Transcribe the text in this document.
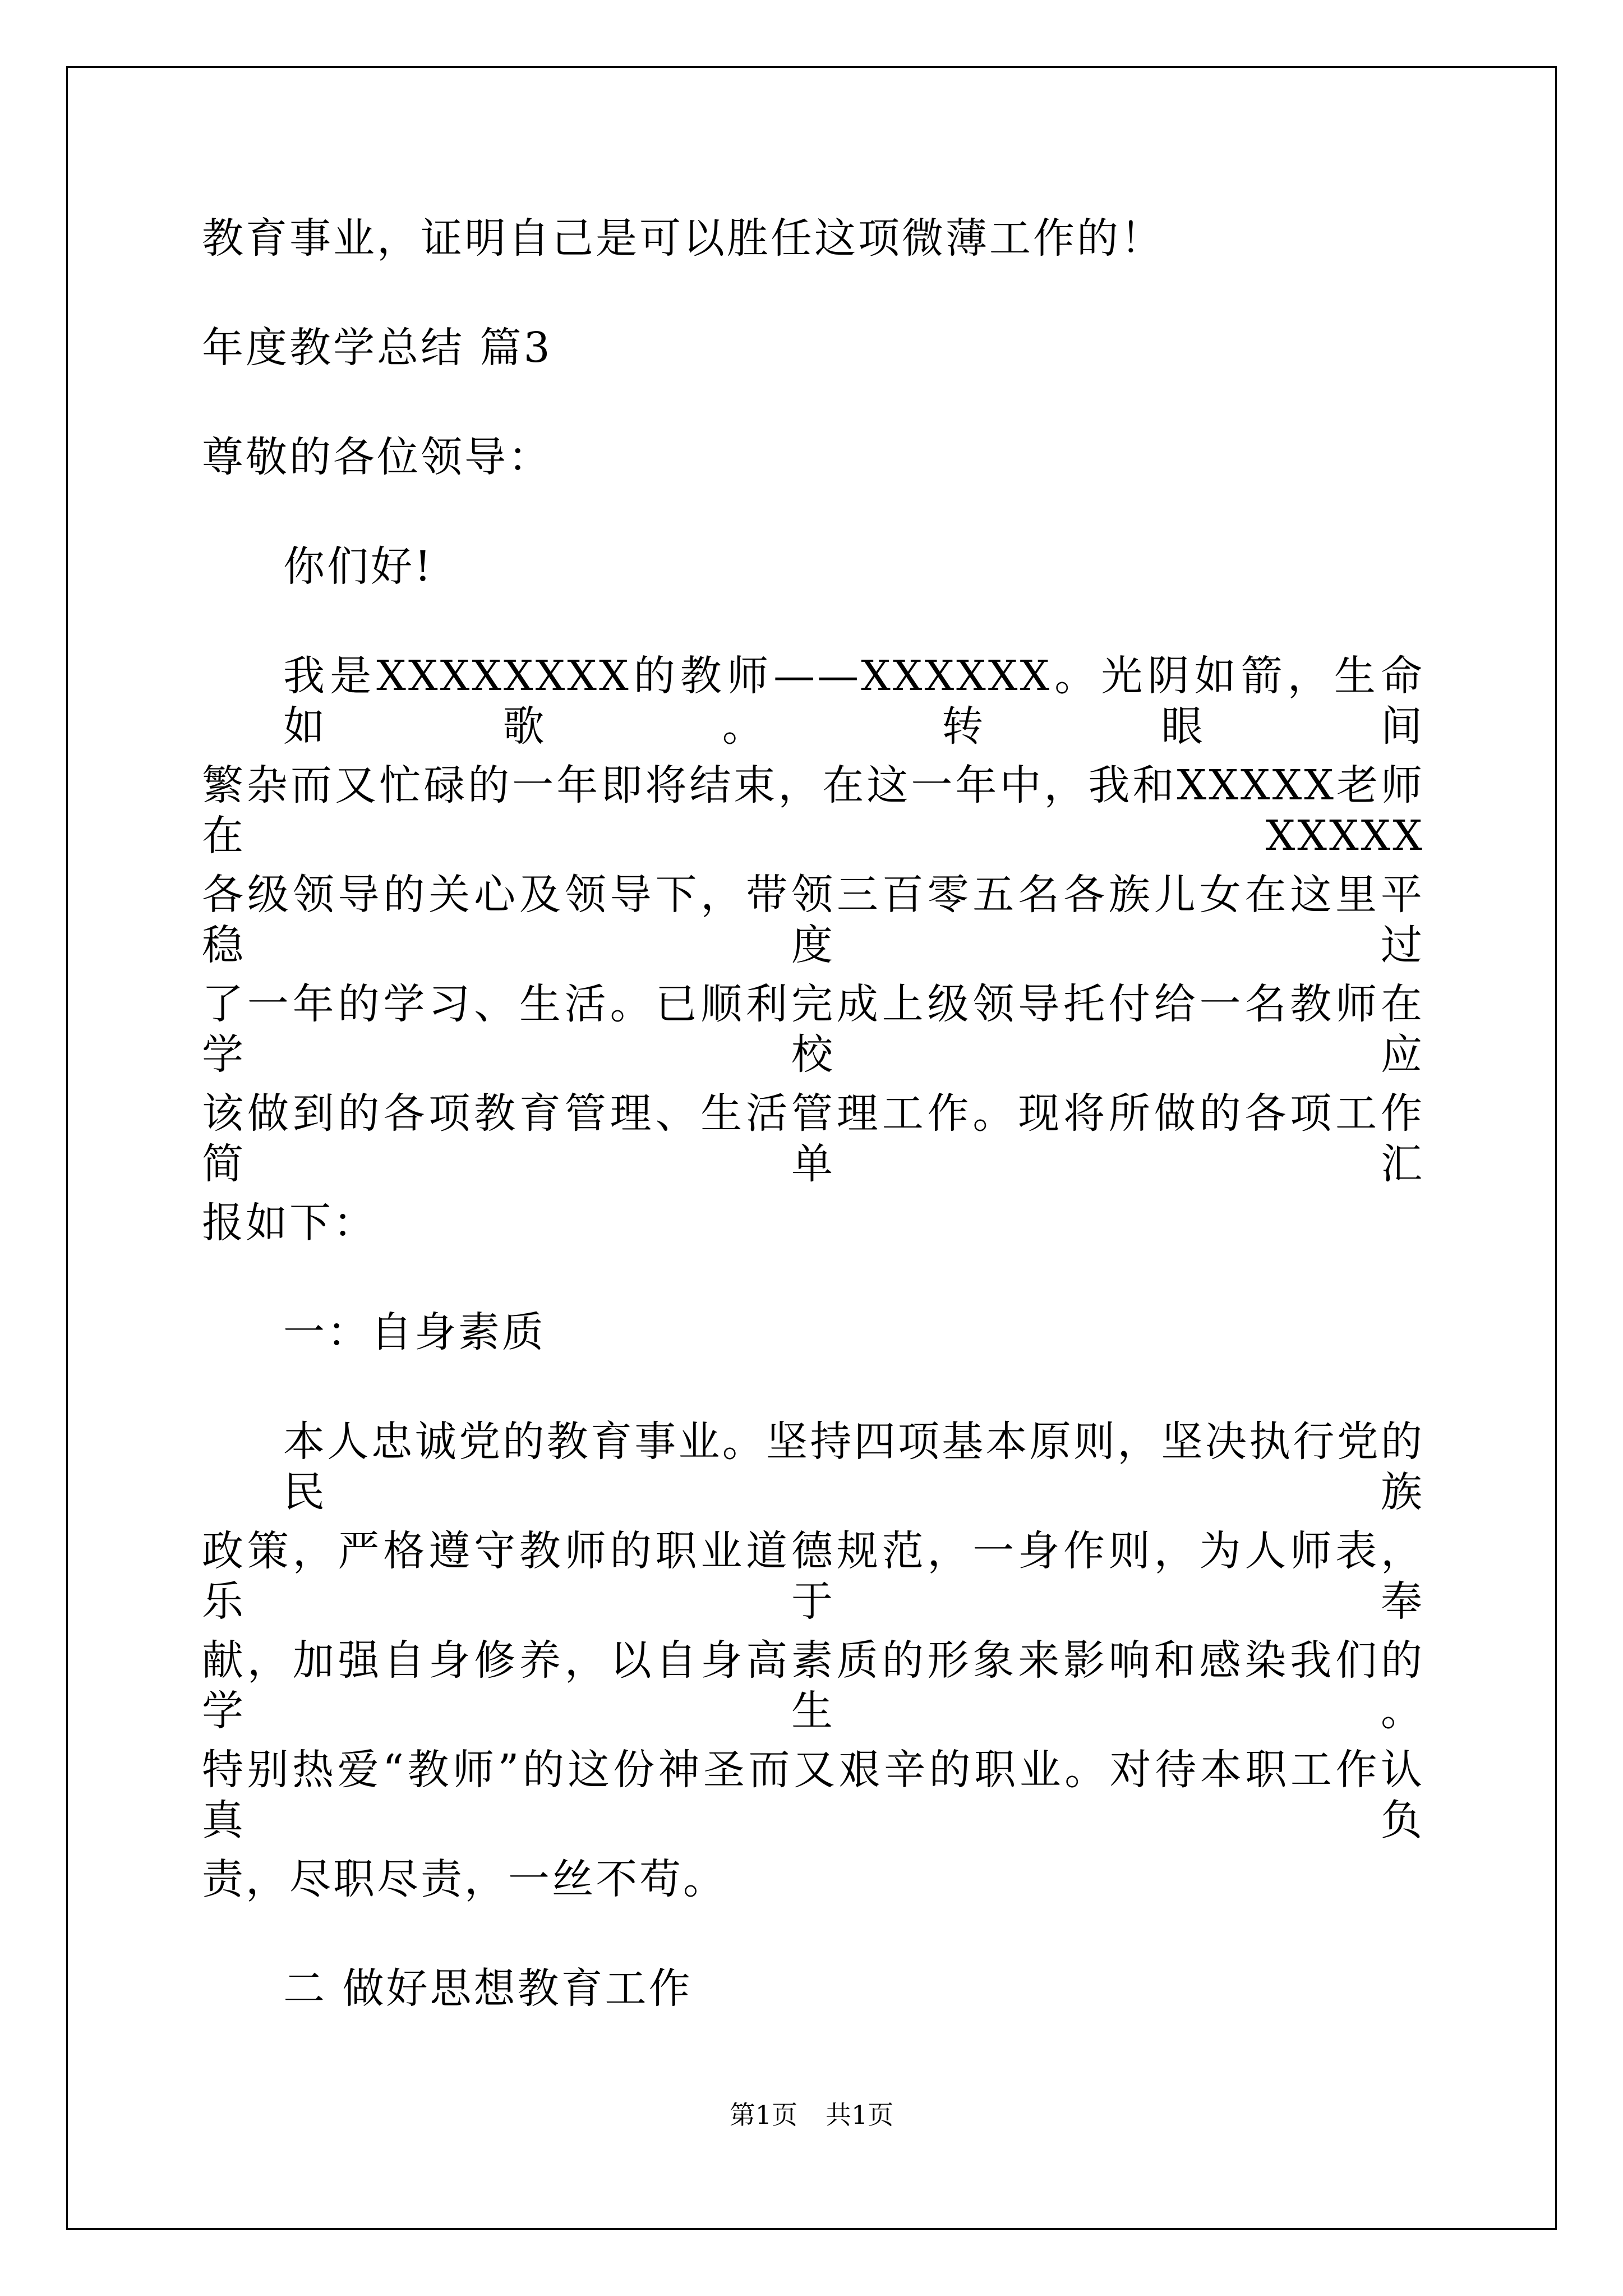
教育事业，证明自己是可以胜任这项微薄工作的！
年度教学总结 篇3
尊敬的各位领导：
你们好!
我是XXXXXXXX的教师——XXXXXX。光阴如箭，生命如歌。转眼间
繁杂而又忙碌的一年即将结束，在这一年中，我和XXXXX老师在XXXXX
各级领导的关心及领导下，带领三百零五名各族儿女在这里平稳度过
了一年的学习、生活。已顺利完成上级领导托付给一名教师在学校应
该做到的各项教育管理、生活管理工作。现将所做的各项工作简单汇
报如下：
一：自身素质
本人忠诚党的教育事业。坚持四项基本原则，坚决执行党的民族
政策，严格遵守教师的职业道德规范，一身作则，为人师表，乐于奉
献，加强自身修养，以自身高素质的形象来影响和感染我们的学生。
特别热爱“教师”的这份神圣而又艰辛的职业。对待本职工作认真负
责，尽职尽责，一丝不苟。
二 做好思想教育工作
第1页 共1页
